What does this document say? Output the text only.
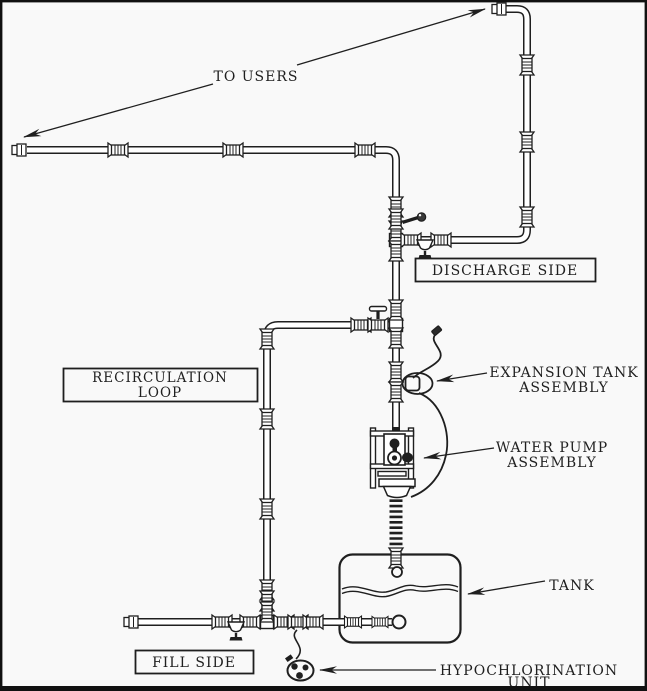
TO USERS
DISCHARGE SIDE
RECIRCULATION
LOOP
EXPANSION TANK
ASSEMBLY
WATER PUMP
ASSEMBLY
TANK
FILL SIDE	HYPOCHLORINATION
UNIT
